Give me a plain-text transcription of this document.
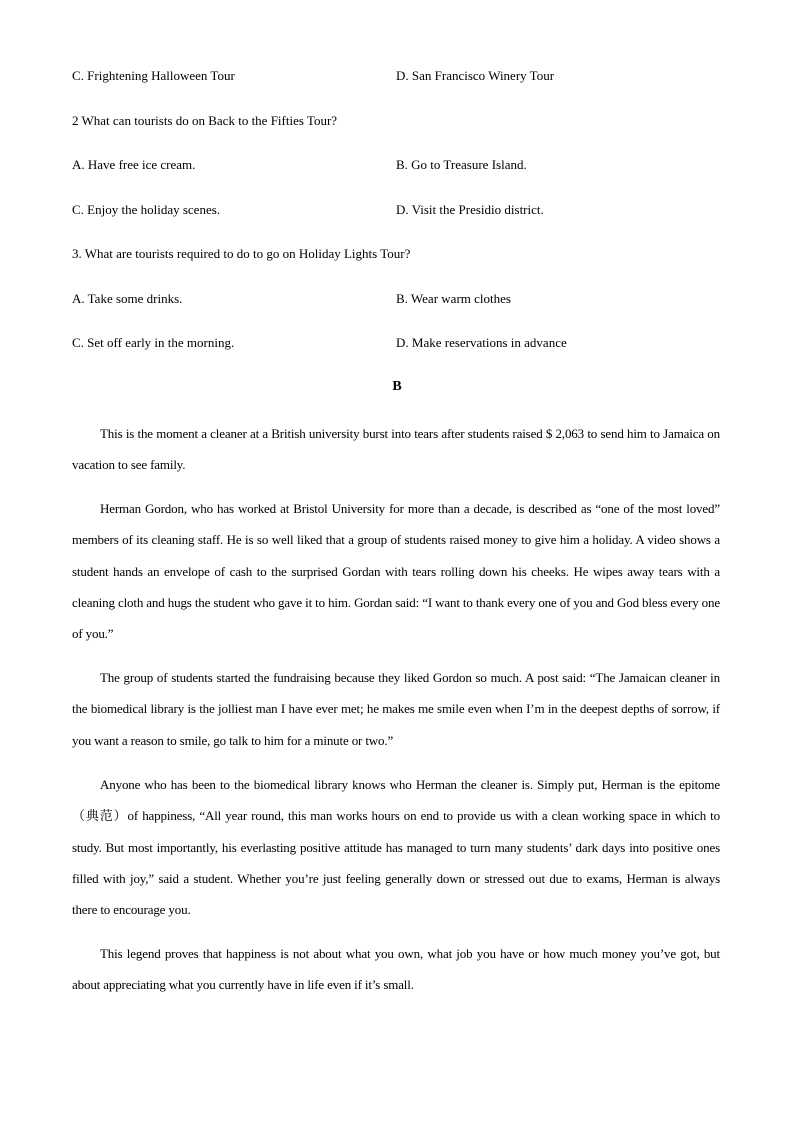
C. Frightening Halloween Tour	D. San Francisco Winery Tour
2 What can tourists do on Back to the Fifties Tour?
A. Have free ice cream.	B. Go to Treasure Island.
C. Enjoy the holiday scenes.	D. Visit the Presidio district.
3. What are tourists required to do to go on Holiday Lights Tour?
A. Take some drinks.	B. Wear warm clothes
C. Set off early in the morning.	D. Make reservations in advance
B

This is the moment a cleaner at a British university burst into tears after students raised $ 2,063 to send him to Jamaica on vacation to see family.

Herman Gordon, who has worked at Bristol University for more than a decade, is described as “one of the most loved” members of its cleaning staff. He is so well liked that a group of students raised money to give him a holiday. A video shows a student hands an envelope of cash to the surprised Gordan with tears rolling down his cheeks. He wipes away tears with a cleaning cloth and hugs the student who gave it to him. Gordan said: “I want to thank every one of you and God bless every one of you.”

The group of students started the fundraising because they liked Gordon so much. A post said: “The Jamaican cleaner in the biomedical library is the jolliest man I have ever met; he makes me smile even when I’m in the deepest depths of sorrow, if you want a reason to smile, go talk to him for a minute or two.”

Anyone who has been to the biomedical library knows who Herman the cleaner is. Simply put, Herman is the epitome（典范）of happiness, “All year round, this man works hours on end to provide us with a clean working space in which to study. But most importantly, his everlasting positive attitude has managed to turn many students’ dark days into positive ones filled with joy,” said a student. Whether you’re just feeling generally down or stressed out due to exams, Herman is always there to encourage you.

This legend proves that happiness is not about what you own, what job you have or how much money you’ve got, but about appreciating what you currently have in life even if it’s small.
